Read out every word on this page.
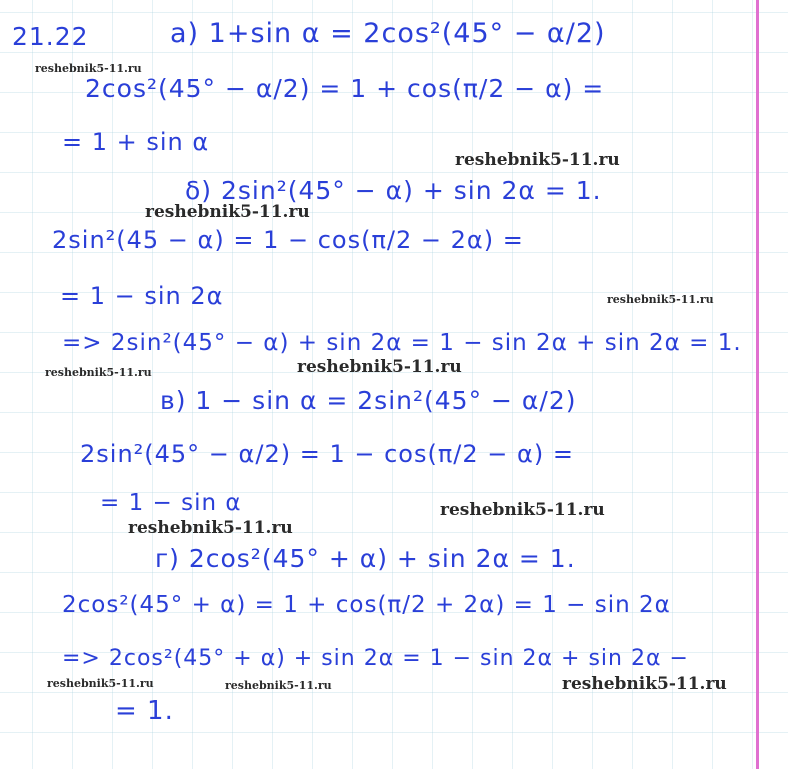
21.22	a) 1+sin α = 2cos²(45° − α/2)
2cos²(45° − α/2) = 1 + cos(π/2 − α) =
= 1 + sin α
δ) 2sin²(45° − α) + sin 2α = 1.
2sin²(45 − α) = 1 − cos(π/2 − 2α) =
= 1 − sin 2α
=> 2sin²(45° − α) + sin 2α = 1 − sin 2α + sin 2α = 1.
в) 1 − sin α = 2sin²(45° − α/2)
2sin²(45° − α/2) = 1 − cos(π/2 − α) =
= 1 − sin α
г) 2cos²(45° + α) + sin 2α = 1.
2cos²(45° + α) = 1 + cos(π/2 + 2α) = 1 − sin 2α
=> 2cos²(45° + α) + sin 2α = 1 − sin 2α + sin 2α −
= 1.
reshebnik5-11.ru
reshebnik5-11.ru
reshebnik5-11.ru
reshebnik5-11.ru
reshebnik5-11.ru	reshebnik5-11.ru
reshebnik5-11.ru
reshebnik5-11.ru
reshebnik5-11.ru	reshebnik5-11.ru	reshebnik5-11.ru
